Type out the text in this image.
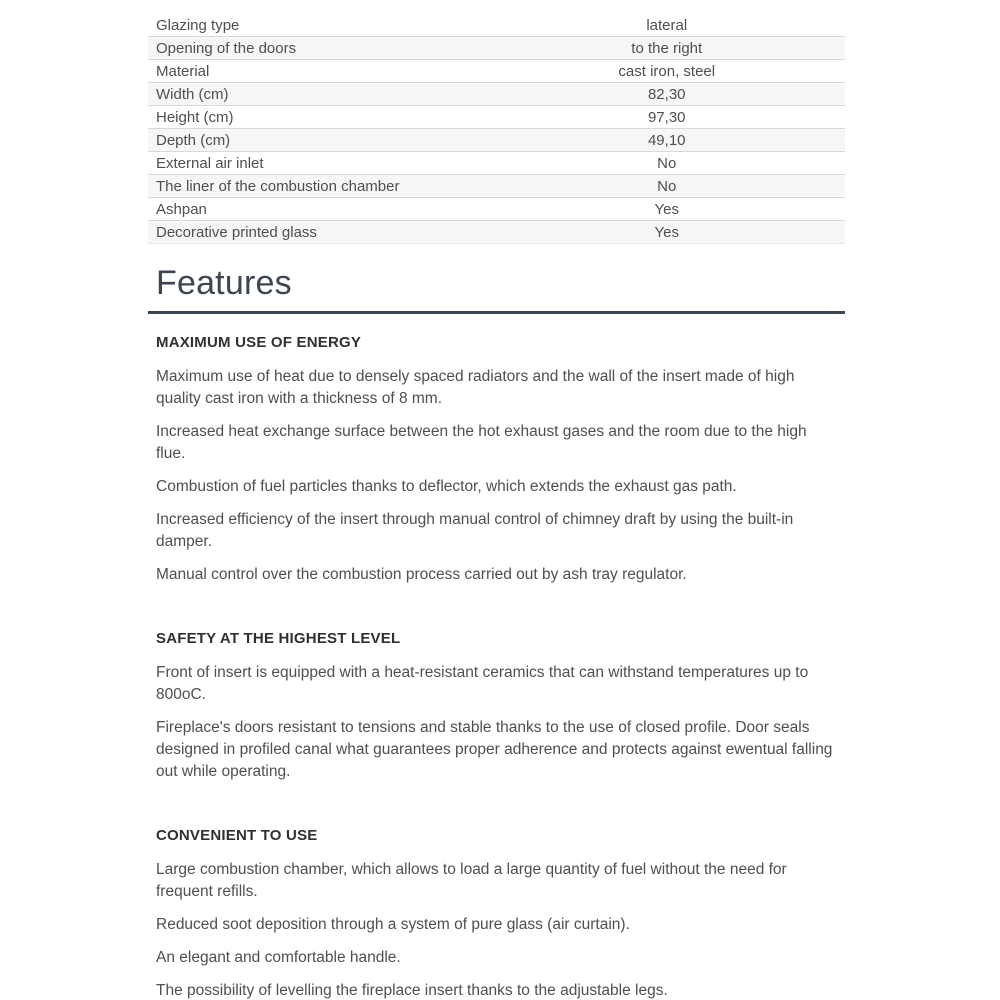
Glazing type	lateral
Opening of the doors	to the right
Material	cast iron, steel
Width (cm)	82,30
Height (cm)	97,30
Depth (cm)	49,10
External air inlet	No
The liner of the combustion chamber	No
Ashpan	Yes
Decorative printed glass	Yes
Features
MAXIMUM USE OF ENERGY

Maximum use of heat due to densely spaced radiators and the wall of the insert made of high quality cast iron with a thickness of 8 mm.

Increased heat exchange surface between the hot exhaust gases and the room due to the high flue.

Combustion of fuel particles thanks to deflector, which extends the exhaust gas path.

Increased efficiency of the insert through manual control of chimney draft by using the built-in damper.

Manual control over the combustion process carried out by ash tray regulator.

SAFETY AT THE HIGHEST LEVEL

Front of insert is equipped with a heat-resistant ceramics that can withstand temperatures up to 800oC.

Fireplace's doors resistant to tensions and stable thanks to the use of closed profile. Door seals designed in profiled canal what guarantees proper adherence and protects against ewentual falling out while operating.

CONVENIENT TO USE

Large combustion chamber, which allows to load a large quantity of fuel without the need for frequent refills.

Reduced soot deposition through a system of pure glass (air curtain).

An elegant and comfortable handle.

The possibility of levelling the fireplace insert thanks to the adjustable legs.
